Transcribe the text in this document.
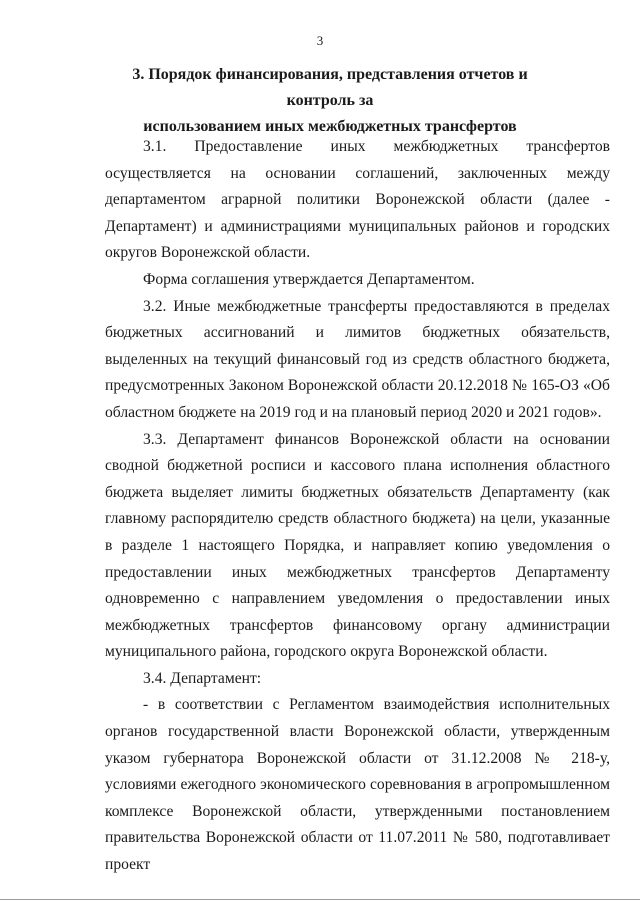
3
3. Порядок финансирования, представления отчетов и контроль за
использованием иных межбюджетных трансфертов

3.1. Предоставление иных межбюджетных трансфертов осуществляется на основании соглашений, заключенных между департаментом аграрной политики Воронежской области (далее - Департамент) и администрациями муниципальных районов и городских округов Воронежской области.

Форма соглашения утверждается Департаментом.

3.2. Иные межбюджетные трансферты предоставляются в пределах бюджетных ассигнований и лимитов бюджетных обязательств, выделенных на текущий финансовый год из средств областного бюджета, предусмотренных Законом Воронежской области 20.12.2018 № 165-ОЗ «Об областном бюджете на 2019 год и на плановый период 2020 и 2021 годов».

3.3. Департамент финансов Воронежской области на основании сводной бюджетной росписи и кассового плана исполнения областного бюджета выделяет лимиты бюджетных обязательств Департаменту (как главному распорядителю средств областного бюджета) на цели, указанные в разделе 1 настоящего Порядка, и направляет копию уведомления о предоставлении иных межбюджетных трансфертов Департаменту одновременно с направлением уведомления о предоставлении иных межбюджетных трансфертов финансовому органу администрации муниципального района, городского округа Воронежской области.

3.4. Департамент:

- в соответствии с Регламентом взаимодействия исполнительных органов государственной власти Воронежской области, утвержденным указом губернатора Воронежской области от 31.12.2008 № 218-у, условиями ежегодного экономического соревнования в агропромышленном комплексе Воронежской области, утвержденными постановлением правительства Воронежской области от 11.07.2011 № 580, подготавливает проект
